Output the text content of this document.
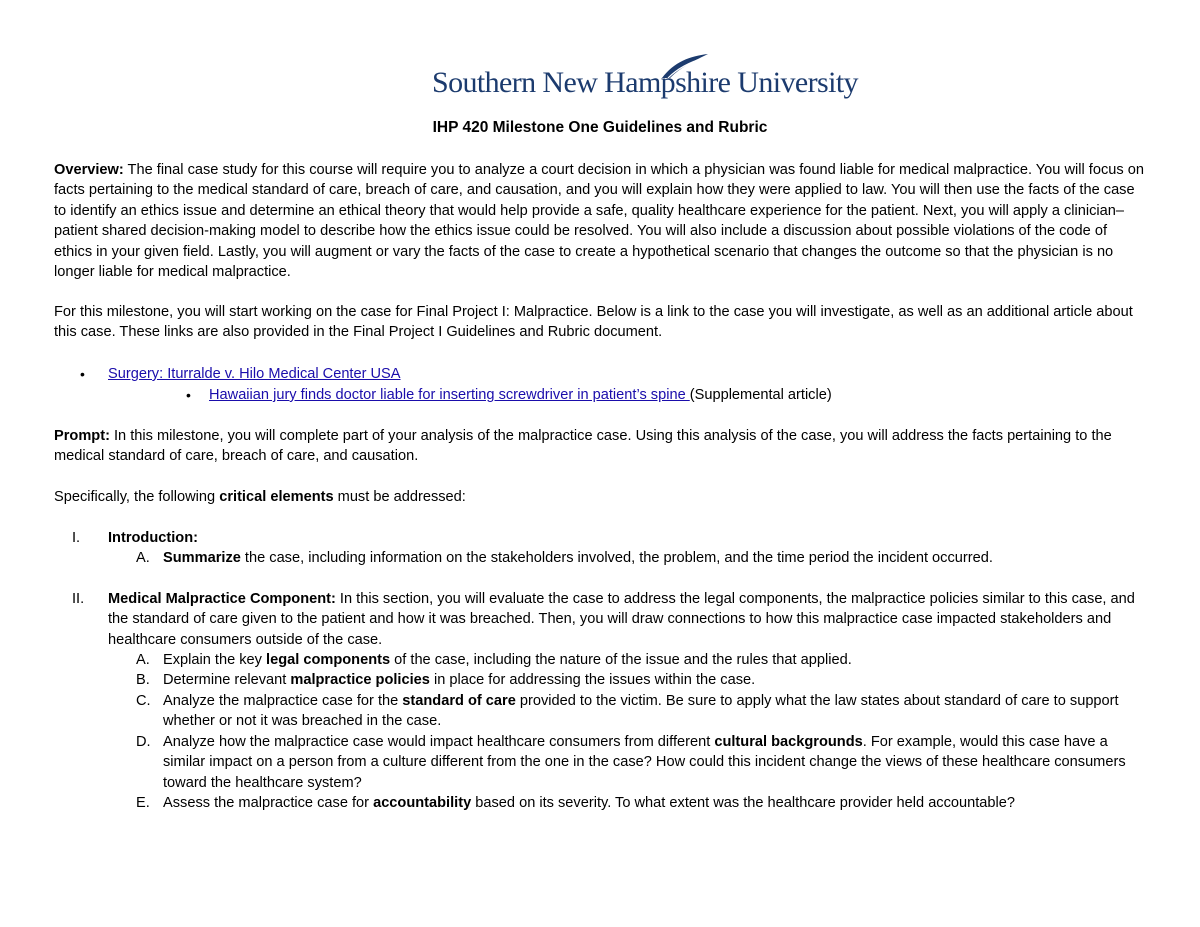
Southern New Hampshire University
IHP 420 Milestone One Guidelines and Rubric

Overview: The final case study for this course will require you to analyze a court decision in which a physician was found liable for medical malpractice. You will focus on facts pertaining to the medical standard of care, breach of care, and causation, and you will explain how they were applied to law. You will then use the facts of the case to identify an ethics issue and determine an ethical theory that would help provide a safe, quality healthcare experience for the patient. Next, you will apply a clinician–patient shared decision-making model to describe how the ethics issue could be resolved. You will also include a discussion about possible violations of the code of ethics in your given field. Lastly, you will augment or vary the facts of the case to create a hypothetical scenario that changes the outcome so that the physician is no longer liable for medical malpractice.

For this milestone, you will start working on the case for Final Project I: Malpractice. Below is a link to the case you will investigate, as well as an additional article about this case. These links are also provided in the Final Project I Guidelines and Rubric document.

• Surgery: Iturralde v. Hilo Medical Center USA
• Hawaiian jury finds doctor liable for inserting screwdriver in patient’s spine (Supplemental article)

Prompt: In this milestone, you will complete part of your analysis of the malpractice case. Using this analysis of the case, you will address the facts pertaining to the medical standard of care, breach of care, and causation.

Specifically, the following critical elements must be addressed:

I. Introduction:
A. Summarize the case, including information on the stakeholders involved, the problem, and the time period the incident occurred.
II. Medical Malpractice Component: In this section, you will evaluate the case to address the legal components, the malpractice policies similar to this case, and the standard of care given to the patient and how it was breached. Then, you will draw connections to how this malpractice case impacted stakeholders and healthcare consumers outside of the case.
A. Explain the key legal components of the case, including the nature of the issue and the rules that applied.
B. Determine relevant malpractice policies in place for addressing the issues within the case.
C. Analyze the malpractice case for the standard of care provided to the victim. Be sure to apply what the law states about standard of care to support whether or not it was breached in the case.
D. Analyze how the malpractice case would impact healthcare consumers from different cultural backgrounds. For example, would this case have a similar impact on a person from a culture different from the one in the case? How could this incident change the views of these healthcare consumers toward the healthcare system?
E. Assess the malpractice case for accountability based on its severity. To what extent was the healthcare provider held accountable?
